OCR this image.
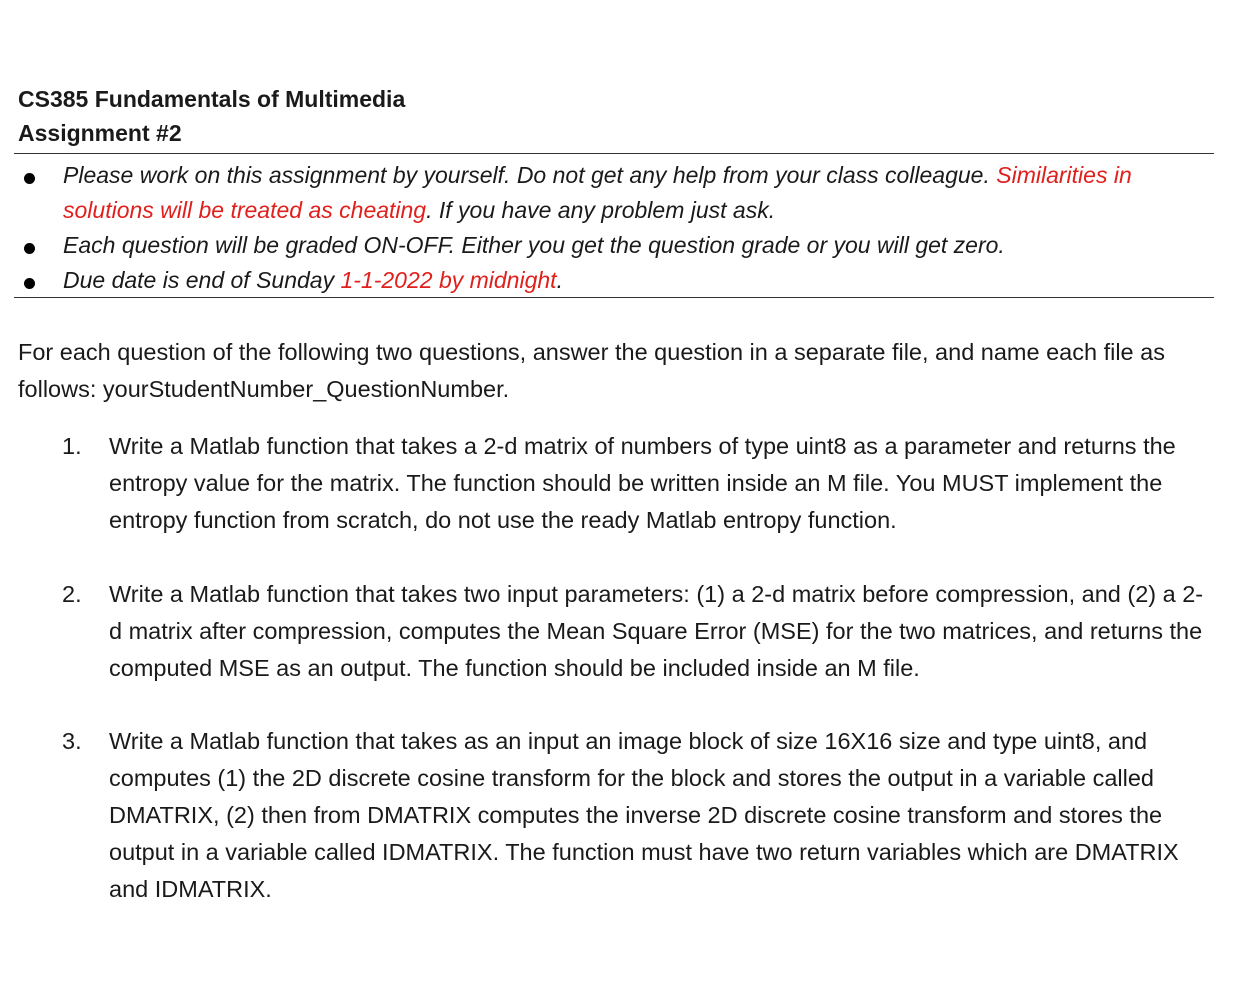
CS385 Fundamentals of Multimedia
Assignment #2
Please work on this assignment by yourself. Do not get any help from your class colleague. Similarities in solutions will be treated as cheating. If you have any problem just ask.
Each question will be graded ON-OFF. Either you get the question grade or you will get zero.
Due date is end of Sunday 1-1-2022 by midnight.
For each question of the following two questions, answer the question in a separate file, and name each file as follows: yourStudentNumber_QuestionNumber.
1. Write a Matlab function that takes a 2-d matrix of numbers of type uint8 as a parameter and returns the entropy value for the matrix. The function should be written inside an M file. You MUST implement the entropy function from scratch, do not use the ready Matlab entropy function.
2. Write a Matlab function that takes two input parameters: (1) a 2-d matrix before compression, and (2) a 2-d matrix after compression, computes the Mean Square Error (MSE) for the two matrices, and returns the computed MSE as an output. The function should be included inside an M file.
3. Write a Matlab function that takes as an input an image block of size 16X16 size and type uint8, and computes (1) the 2D discrete cosine transform for the block and stores the output in a variable called DMATRIX, (2) then from DMATRIX computes the inverse 2D discrete cosine transform and stores the output in a variable called IDMATRIX. The function must have two return variables which are DMATRIX and IDMATRIX.
